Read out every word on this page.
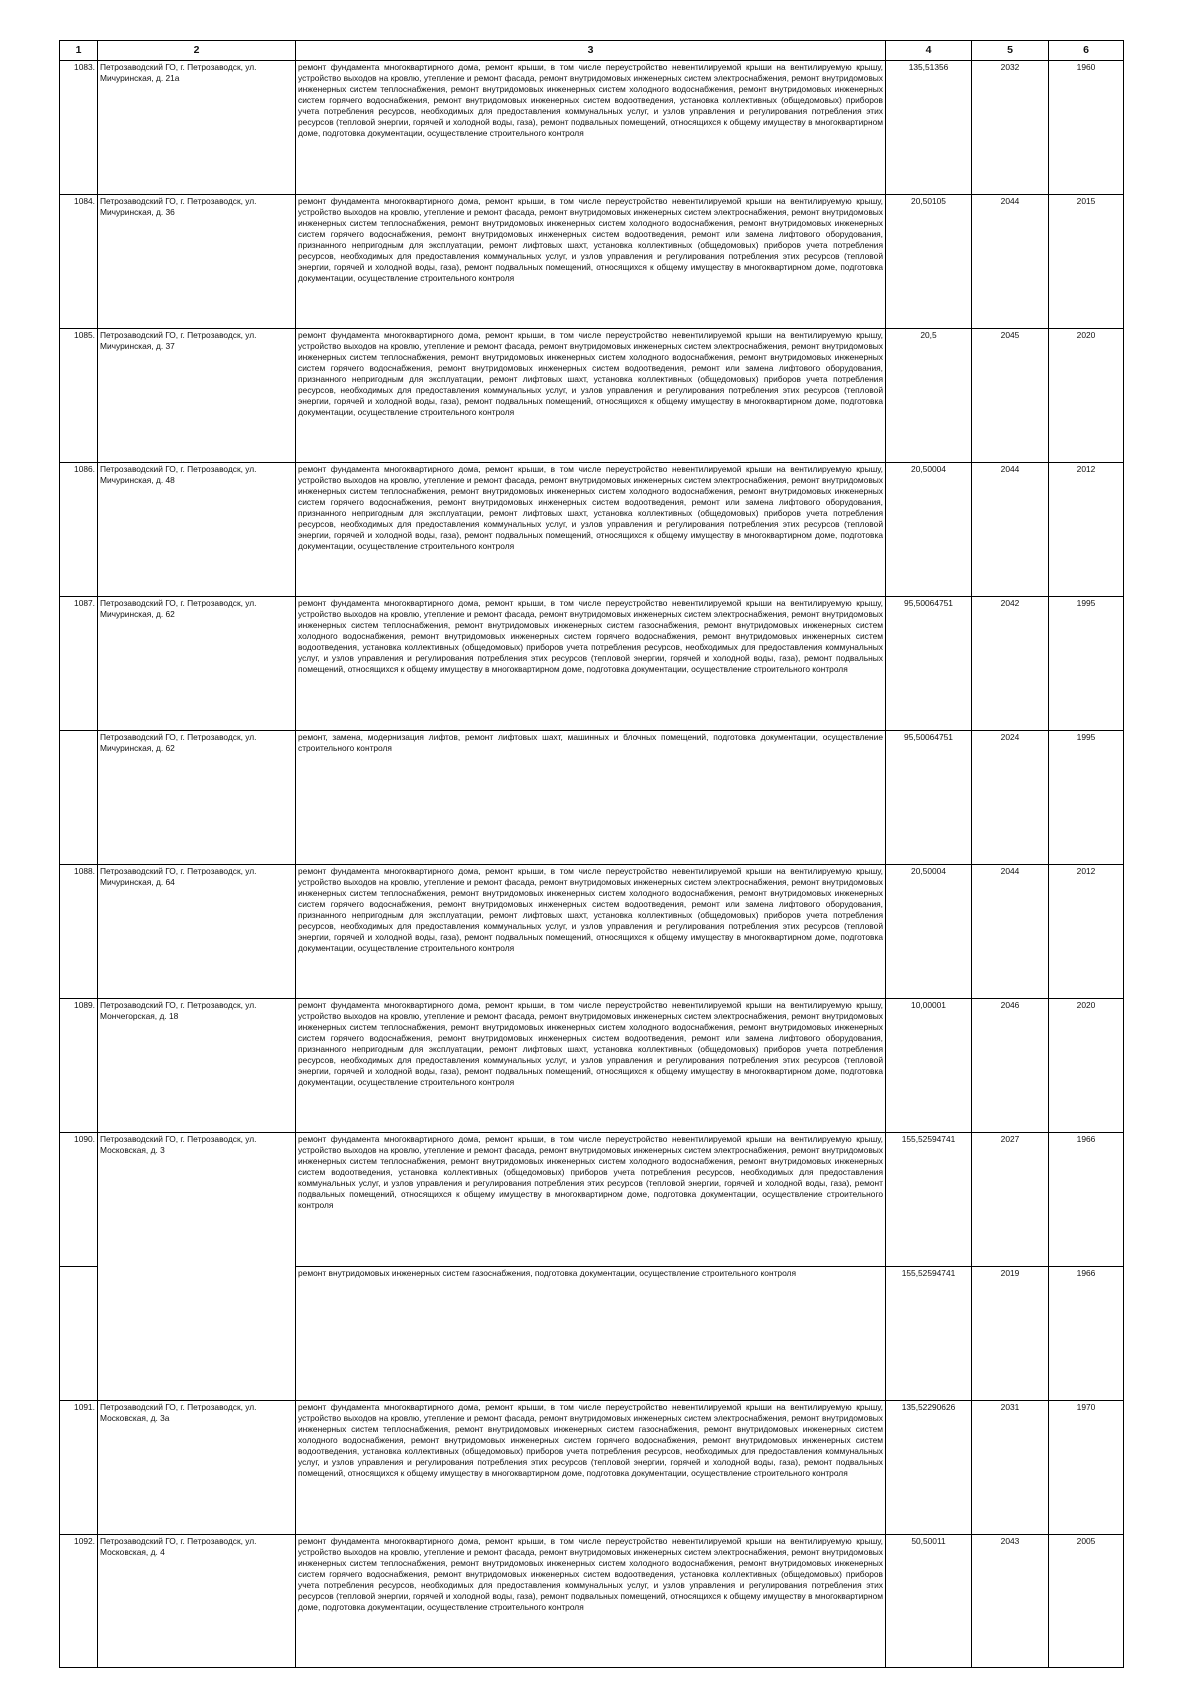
1	2	3	4	5	6
1083.	Петрозаводский ГО, г. Петрозаводск, ул. Мичуринская, д. 21а	ремонт фундамента многоквартирного дома, ремонт крыши, в том числе переустройство невентилируемой крыши на вентилируемую крышу, устройство выходов на кровлю, утепление и ремонт фасада, ремонт внутридомовых инженерных систем электроснабжения, ремонт внутридомовых инженерных систем теплоснабжения, ремонт внутридомовых инженерных систем холодного водоснабжения, ремонт внутридомовых инженерных систем горячего водоснабжения, ремонт внутридомовых инженерных систем водоотведения, установка коллективных (общедомовых) приборов учета потребления ресурсов, необходимых для предоставления коммунальных услуг, и узлов управления и регулирования потребления этих ресурсов (тепловой энергии, горячей и холодной воды, газа), ремонт подвальных помещений, относящихся к общему имуществу в многоквартирном доме, подготовка документации, осуществление строительного контроля	135,51356	2032	1960
1084.	Петрозаводский ГО, г. Петрозаводск, ул. Мичуринская, д. 36	ремонт фундамента многоквартирного дома, ремонт крыши, в том числе переустройство невентилируемой крыши на вентилируемую крышу, устройство выходов на кровлю, утепление и ремонт фасада, ремонт внутридомовых инженерных систем электроснабжения, ремонт внутридомовых инженерных систем теплоснабжения, ремонт внутридомовых инженерных систем холодного водоснабжения, ремонт внутридомовых инженерных систем горячего водоснабжения, ремонт внутридомовых инженерных систем водоотведения, ремонт или замена лифтового оборудования, признанного непригодным для эксплуатации, ремонт лифтовых шахт, установка коллективных (общедомовых) приборов учета потребления ресурсов, необходимых для предоставления коммунальных услуг, и узлов управления и регулирования потребления этих ресурсов (тепловой энергии, горячей и холодной воды, газа), ремонт подвальных помещений, относящихся к общему имуществу в многоквартирном доме, подготовка документации, осуществление строительного контроля	20,50105	2044	2015
1085.	Петрозаводский ГО, г. Петрозаводск, ул. Мичуринская, д. 37	ремонт фундамента многоквартирного дома, ремонт крыши, в том числе переустройство невентилируемой крыши на вентилируемую крышу, устройство выходов на кровлю, утепление и ремонт фасада, ремонт внутридомовых инженерных систем электроснабжения, ремонт внутридомовых инженерных систем теплоснабжения, ремонт внутридомовых инженерных систем холодного водоснабжения, ремонт внутридомовых инженерных систем горячего водоснабжения, ремонт внутридомовых инженерных систем водоотведения, ремонт или замена лифтового оборудования, признанного непригодным для эксплуатации, ремонт лифтовых шахт, установка коллективных (общедомовых) приборов учета потребления ресурсов, необходимых для предоставления коммунальных услуг, и узлов управления и регулирования потребления этих ресурсов (тепловой энергии, горячей и холодной воды, газа), ремонт подвальных помещений, относящихся к общему имуществу в многоквартирном доме, подготовка документации, осуществление строительного контроля	20,5	2045	2020
1086.	Петрозаводский ГО, г. Петрозаводск, ул. Мичуринская, д. 48	ремонт фундамента многоквартирного дома, ремонт крыши, в том числе переустройство невентилируемой крыши на вентилируемую крышу, устройство выходов на кровлю, утепление и ремонт фасада, ремонт внутридомовых инженерных систем электроснабжения, ремонт внутридомовых инженерных систем теплоснабжения, ремонт внутридомовых инженерных систем холодного водоснабжения, ремонт внутридомовых инженерных систем горячего водоснабжения, ремонт внутридомовых инженерных систем водоотведения, ремонт или замена лифтового оборудования, признанного непригодным для эксплуатации, ремонт лифтовых шахт, установка коллективных (общедомовых) приборов учета потребления ресурсов, необходимых для предоставления коммунальных услуг, и узлов управления и регулирования потребления этих ресурсов (тепловой энергии, горячей и холодной воды, газа), ремонт подвальных помещений, относящихся к общему имуществу в многоквартирном доме, подготовка документации, осуществление строительного контроля	20,50004	2044	2012
1087.	Петрозаводский ГО, г. Петрозаводск, ул. Мичуринская, д. 62	ремонт фундамента многоквартирного дома, ремонт крыши, в том числе переустройство невентилируемой крыши на вентилируемую крышу, устройство выходов на кровлю, утепление и ремонт фасада, ремонт внутридомовых инженерных систем электроснабжения, ремонт внутридомовых инженерных систем теплоснабжения, ремонт внутридомовых инженерных систем газоснабжения, ремонт внутридомовых инженерных систем холодного водоснабжения, ремонт внутридомовых инженерных систем горячего водоснабжения, ремонт внутридомовых инженерных систем водоотведения, установка коллективных (общедомовых) приборов учета потребления ресурсов, необходимых для предоставления коммунальных услуг, и узлов управления и регулирования потребления этих ресурсов (тепловой энергии, горячей и холодной воды, газа), ремонт подвальных помещений, относящихся к общему имуществу в многоквартирном доме, подготовка документации, осуществление строительного контроля	95,50064751	2042	1995
	Петрозаводский ГО, г. Петрозаводск, ул. Мичуринская, д. 62	ремонт, замена, модернизация лифтов, ремонт лифтовых шахт, машинных и блочных помещений, подготовка документации, осуществление строительного контроля	95,50064751	2024	1995
1088.	Петрозаводский ГО, г. Петрозаводск, ул. Мичуринская, д. 64	ремонт фундамента многоквартирного дома, ремонт крыши, в том числе переустройство невентилируемой крыши на вентилируемую крышу, устройство выходов на кровлю, утепление и ремонт фасада, ремонт внутридомовых инженерных систем электроснабжения, ремонт внутридомовых инженерных систем теплоснабжения, ремонт внутридомовых инженерных систем холодного водоснабжения, ремонт внутридомовых инженерных систем горячего водоснабжения, ремонт внутридомовых инженерных систем водоотведения, ремонт или замена лифтового оборудования, признанного непригодным для эксплуатации, ремонт лифтовых шахт, установка коллективных (общедомовых) приборов учета потребления ресурсов, необходимых для предоставления коммунальных услуг, и узлов управления и регулирования потребления этих ресурсов (тепловой энергии, горячей и холодной воды, газа), ремонт подвальных помещений, относящихся к общему имуществу в многоквартирном доме, подготовка документации, осуществление строительного контроля	20,50004	2044	2012
1089.	Петрозаводский ГО, г. Петрозаводск, ул. Мончегорская, д. 18	ремонт фундамента многоквартирного дома, ремонт крыши, в том числе переустройство невентилируемой крыши на вентилируемую крышу, устройство выходов на кровлю, утепление и ремонт фасада, ремонт внутридомовых инженерных систем электроснабжения, ремонт внутридомовых инженерных систем теплоснабжения, ремонт внутридомовых инженерных систем холодного водоснабжения, ремонт внутридомовых инженерных систем горячего водоснабжения, ремонт внутридомовых инженерных систем водоотведения, ремонт или замена лифтового оборудования, признанного непригодным для эксплуатации, ремонт лифтовых шахт, установка коллективных (общедомовых) приборов учета потребления ресурсов, необходимых для предоставления коммунальных услуг, и узлов управления и регулирования потребления этих ресурсов (тепловой энергии, горячей и холодной воды, газа), ремонт подвальных помещений, относящихся к общему имуществу в многоквартирном доме, подготовка документации, осуществление строительного контроля	10,00001	2046	2020
1090.	Петрозаводский ГО, г. Петрозаводск, ул. Московская, д. 3	ремонт фундамента многоквартирного дома, ремонт крыши, в том числе переустройство невентилируемой крыши на вентилируемую крышу, устройство выходов на кровлю, утепление и ремонт фасада, ремонт внутридомовых инженерных систем электроснабжения, ремонт внутридомовых инженерных систем теплоснабжения, ремонт внутридомовых инженерных систем холодного водоснабжения, ремонт внутридомовых инженерных систем водоотведения, установка коллективных (общедомовых) приборов учета потребления ресурсов, необходимых для предоставления коммунальных услуг, и узлов управления и регулирования потребления этих ресурсов (тепловой энергии, горячей и холодной воды, газа), ремонт подвальных помещений, относящихся к общему имуществу в многоквартирном доме, подготовка документации, осуществление строительного контроля	155,52594741	2027	1966
		ремонт внутридомовых инженерных систем газоснабжения, подготовка документации, осуществление строительного контроля	155,52594741	2019	1966
1091.	Петрозаводский ГО, г. Петрозаводск, ул. Московская, д. 3а	ремонт фундамента многоквартирного дома, ремонт крыши, в том числе переустройство невентилируемой крыши на вентилируемую крышу, устройство выходов на кровлю, утепление и ремонт фасада, ремонт внутридомовых инженерных систем электроснабжения, ремонт внутридомовых инженерных систем теплоснабжения, ремонт внутридомовых инженерных систем газоснабжения, ремонт внутридомовых инженерных систем холодного водоснабжения, ремонт внутридомовых инженерных систем горячего водоснабжения, ремонт внутридомовых инженерных систем водоотведения, установка коллективных (общедомовых) приборов учета потребления ресурсов, необходимых для предоставления коммунальных услуг, и узлов управления и регулирования потребления этих ресурсов (тепловой энергии, горячей и холодной воды, газа), ремонт подвальных помещений, относящихся к общему имуществу в многоквартирном доме, подготовка документации, осуществление строительного контроля	135,52290626	2031	1970
1092.	Петрозаводский ГО, г. Петрозаводск, ул. Московская, д. 4	ремонт фундамента многоквартирного дома, ремонт крыши, в том числе переустройство невентилируемой крыши на вентилируемую крышу, устройство выходов на кровлю, утепление и ремонт фасада, ремонт внутридомовых инженерных систем электроснабжения, ремонт внутридомовых инженерных систем теплоснабжения, ремонт внутридомовых инженерных систем холодного водоснабжения, ремонт внутридомовых инженерных систем горячего водоснабжения, ремонт внутридомовых инженерных систем водоотведения, установка коллективных (общедомовых) приборов учета потребления ресурсов, необходимых для предоставления коммунальных услуг, и узлов управления и регулирования потребления этих ресурсов (тепловой энергии, горячей и холодной воды, газа), ремонт подвальных помещений, относящихся к общему имуществу в многоквартирном доме, подготовка документации, осуществление строительного контроля	50,50011	2043	2005
